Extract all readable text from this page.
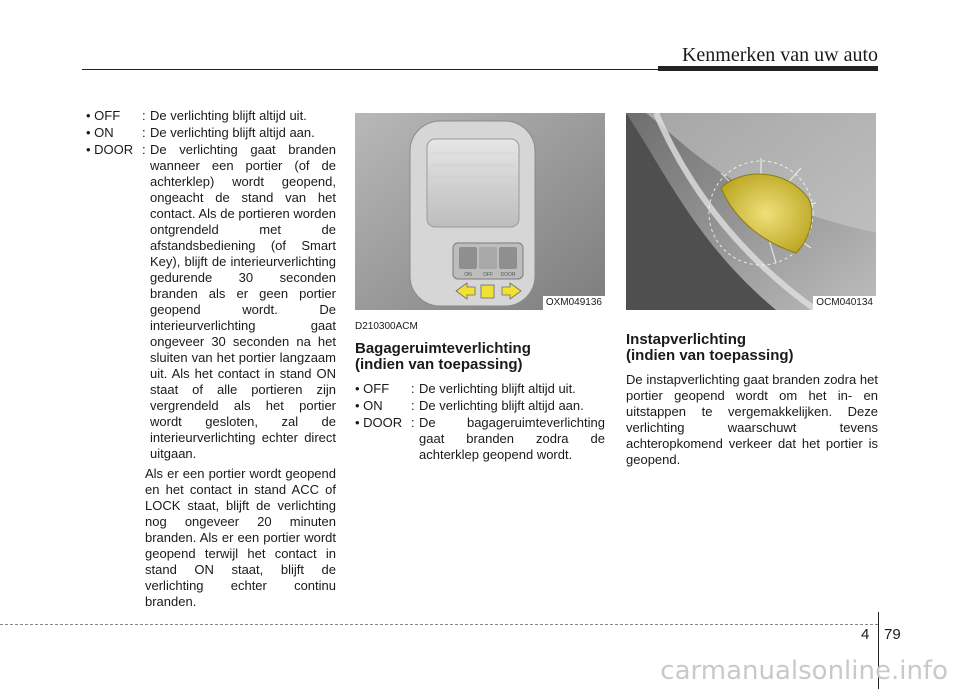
Kenmerken van uw auto
• OFF	: De verlichting blijft altijd uit.
• ON	: De verlichting blijft altijd aan.
• DOOR : De verlichting gaat branden wanneer een portier (of de achterklep) wordt geopend, ongeacht de stand van het contact. Als de portieren worden ontgrendeld met de afstandsbediening (of Smart Key), blijft de interieurverlichting gedurende 30 seconden branden als er geen portier geopend wordt. De interieurverlichting gaat ongeveer 30 seconden na het sluiten van het portier langzaam uit. Als het contact in stand ON staat of alle portieren zijn vergrendeld als het portier wordt gesloten, zal de interieurverlichting echter direct uitgaan.
Als er een portier wordt geopend en het contact in stand ACC of LOCK staat, blijft de verlichting nog ongeveer 20 minuten branden. Als er een portier wordt geopend terwijl het contact in stand ON staat, blijft de verlichting echter continu branden.
ON OFF DOOR
OXM049136
D210300ACM
Bagageruimteverlichting
(indien van toepassing)
• OFF	: De verlichting blijft altijd uit.
• ON	: De verlichting blijft altijd aan.
• DOOR : De bagageruimteverlichting gaat branden zodra de achterklep geopend wordt.
OCM040134
Instapverlichting
(indien van toepassing)
De instapverlichting gaat branden zodra het portier geopend wordt om het in- en uitstappen te vergemakkelijken. Deze verlichting waarschuwt tevens achteropkomend verkeer dat het portier is geopend.
4 79
carmanualsonline.info
